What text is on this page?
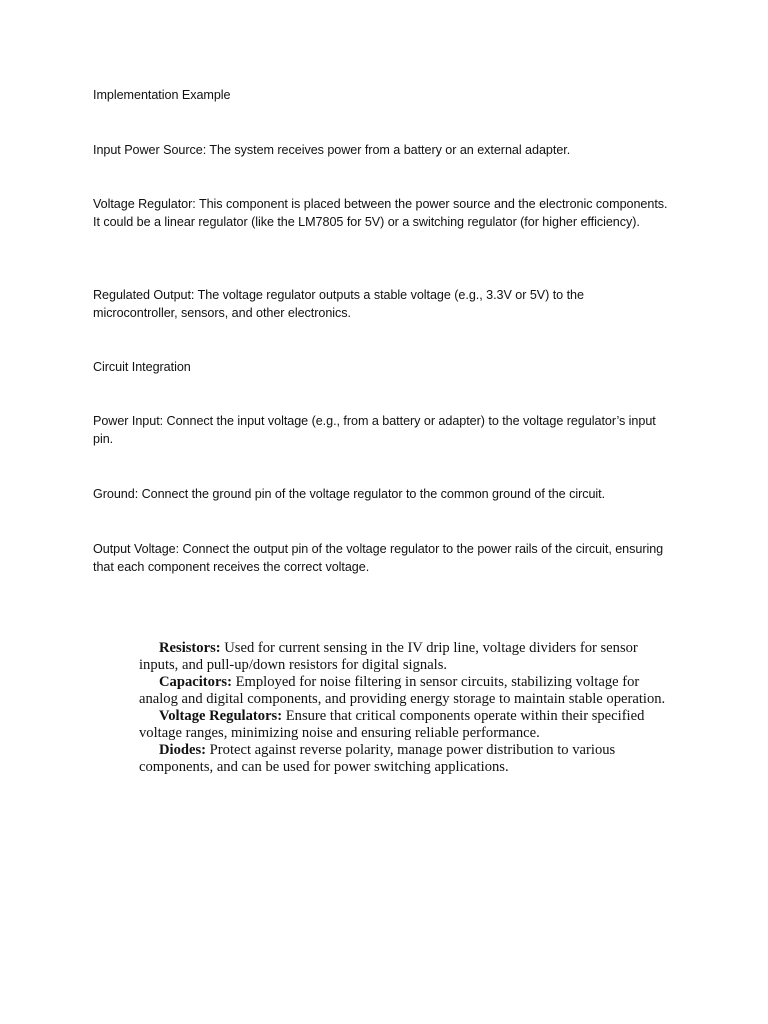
Implementation Example

Input Power Source: The system receives power from a battery or an external adapter.

Voltage Regulator: This component is placed between the power source and the electronic components. It could be a linear regulator (like the LM7805 for 5V) or a switching regulator (for higher efficiency).

Regulated Output: The voltage regulator outputs a stable voltage (e.g., 3.3V or 5V) to the microcontroller, sensors, and other electronics.

Circuit Integration

Power Input: Connect the input voltage (e.g., from a battery or adapter) to the voltage regulator’s input pin.

Ground: Connect the ground pin of the voltage regulator to the common ground of the circuit.

Output Voltage: Connect the output pin of the voltage regulator to the power rails of the circuit, ensuring that each component receives the correct voltage.

Resistors: Used for current sensing in the IV drip line, voltage dividers for sensor inputs, and pull-up/down resistors for digital signals.

Capacitors: Employed for noise filtering in sensor circuits, stabilizing voltage for analog and digital components, and providing energy storage to maintain stable operation.

Voltage Regulators: Ensure that critical components operate within their specified voltage ranges, minimizing noise and ensuring reliable performance.

Diodes: Protect against reverse polarity, manage power distribution to various components, and can be used for power switching applications.
